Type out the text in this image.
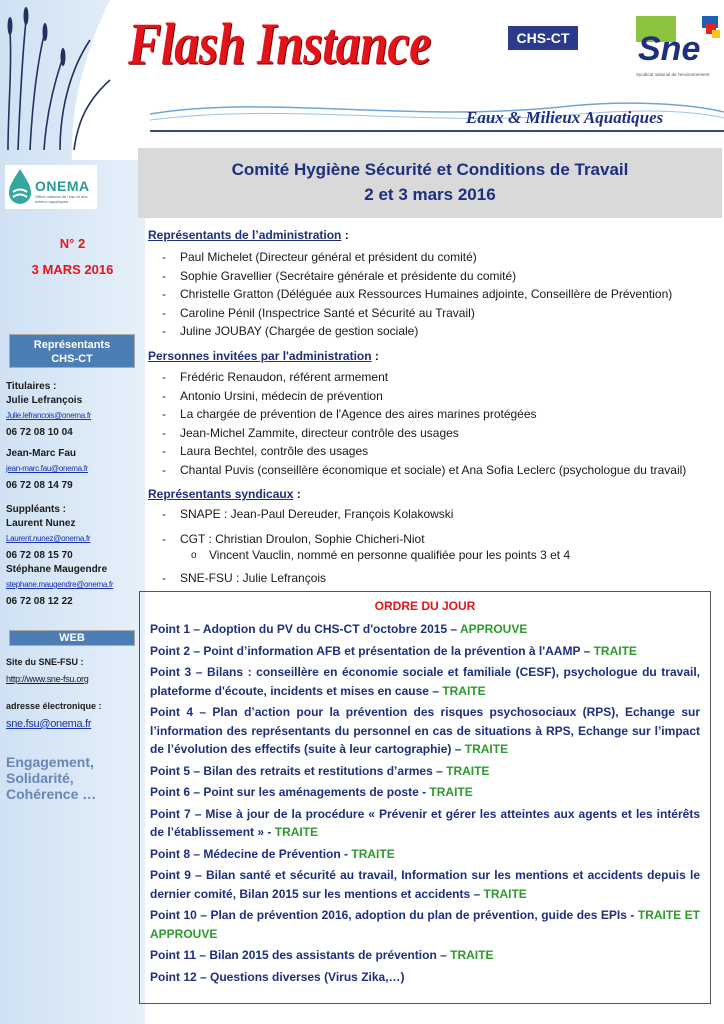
ONEMA
Office national de l'eau et des milieux aquatiques
N° 2
3 MARS 2016
Représentants
CHS-CT
Titulaires :
Julie Lefrançois
Julie.lefrancois@onema.fr
06 72 08 10 04
Jean-Marc Fau
jean-marc.fau@onema.fr
06 72 08 14 79
Suppléants :
Laurent Nunez
Laurent.nunez@onema.fr
06 72 08 15 70
Stéphane Maugendre
stephane.maugendre@onema.fr
06 72 08 12 22
WEB
Site du SNE-FSU :
http://www.sne-fsu.org
adresse électronique :
sne.fsu@onema.fr
Engagement,
Solidarité,
Cohérence …
Flash Instance	CHS-CT Sne
Syndicat national de l'environnement
Eaux & Milieux Aquatiques
Comité Hygiène Sécurité et Conditions de Travail
2 et 3 mars 2016
Représentants de l’administration :
- Paul Michelet (Directeur général et président du comité)
- Sophie Gravellier (Secrétaire générale et présidente du comité)
- Christelle Gratton (Déléguée aux Ressources Humaines adjointe, Conseillère de Prévention)
- Caroline Pénil (Inspectrice Santé et Sécurité au Travail)
- Juline JOUBAY (Chargée de gestion sociale)
Personnes invitées par l'administration :
- Frédéric Renaudon, référent armement
- Antonio Ursini, médecin de prévention
- La chargée de prévention de l'Agence des aires marines protégées
- Jean-Michel Zammite, directeur contrôle des usages
- Laura Bechtel, contrôle des usages
- Chantal Puvis (conseillère économique et sociale) et Ana Sofia Leclerc (psychologue du travail)
Représentants syndicaux :
- SNAPE : Jean-Paul Dereuder, François Kolakowski
- CGT : Christian Droulon, Sophie Chicheri-Niot
o Vincent Vauclin, nommé en personne qualifiée pour les points 3 et 4
- SNE-FSU : Julie Lefrançois
ORDRE DU JOUR
Point 1 – Adoption du PV du CHS-CT d'octobre 2015 – APPROUVE
Point 2 – Point d’information AFB et présentation de la prévention à l'AAMP – TRAITE
Point 3 – Bilans : conseillère en économie sociale et familiale (CESF), psychologue du travail, plateforme d'écoute, incidents et mises en cause – TRAITE
Point 4 – Plan d’action pour la prévention des risques psychosociaux (RPS), Echange sur l’information des représentants du personnel en cas de situations à RPS, Echange sur l’impact de l’évolution des effectifs (suite à leur cartographie) – TRAITE
Point 5 – Bilan des retraits et restitutions d’armes – TRAITE
Point 6 – Point sur les aménagements de poste - TRAITE
Point 7 – Mise à jour de la procédure « Prévenir et gérer les atteintes aux agents et les intérêts de l’établissement » - TRAITE
Point 8 – Médecine de Prévention - TRAITE
Point 9 – Bilan santé et sécurité au travail, Information sur les mentions et accidents depuis le dernier comité, Bilan 2015 sur les mentions et accidents – TRAITE
Point 10 – Plan de prévention 2016, adoption du plan de prévention, guide des EPIs - TRAITE ET APPROUVE
Point 11 – Bilan 2015 des assistants de prévention – TRAITE
Point 12 – Questions diverses (Virus Zika,…)
